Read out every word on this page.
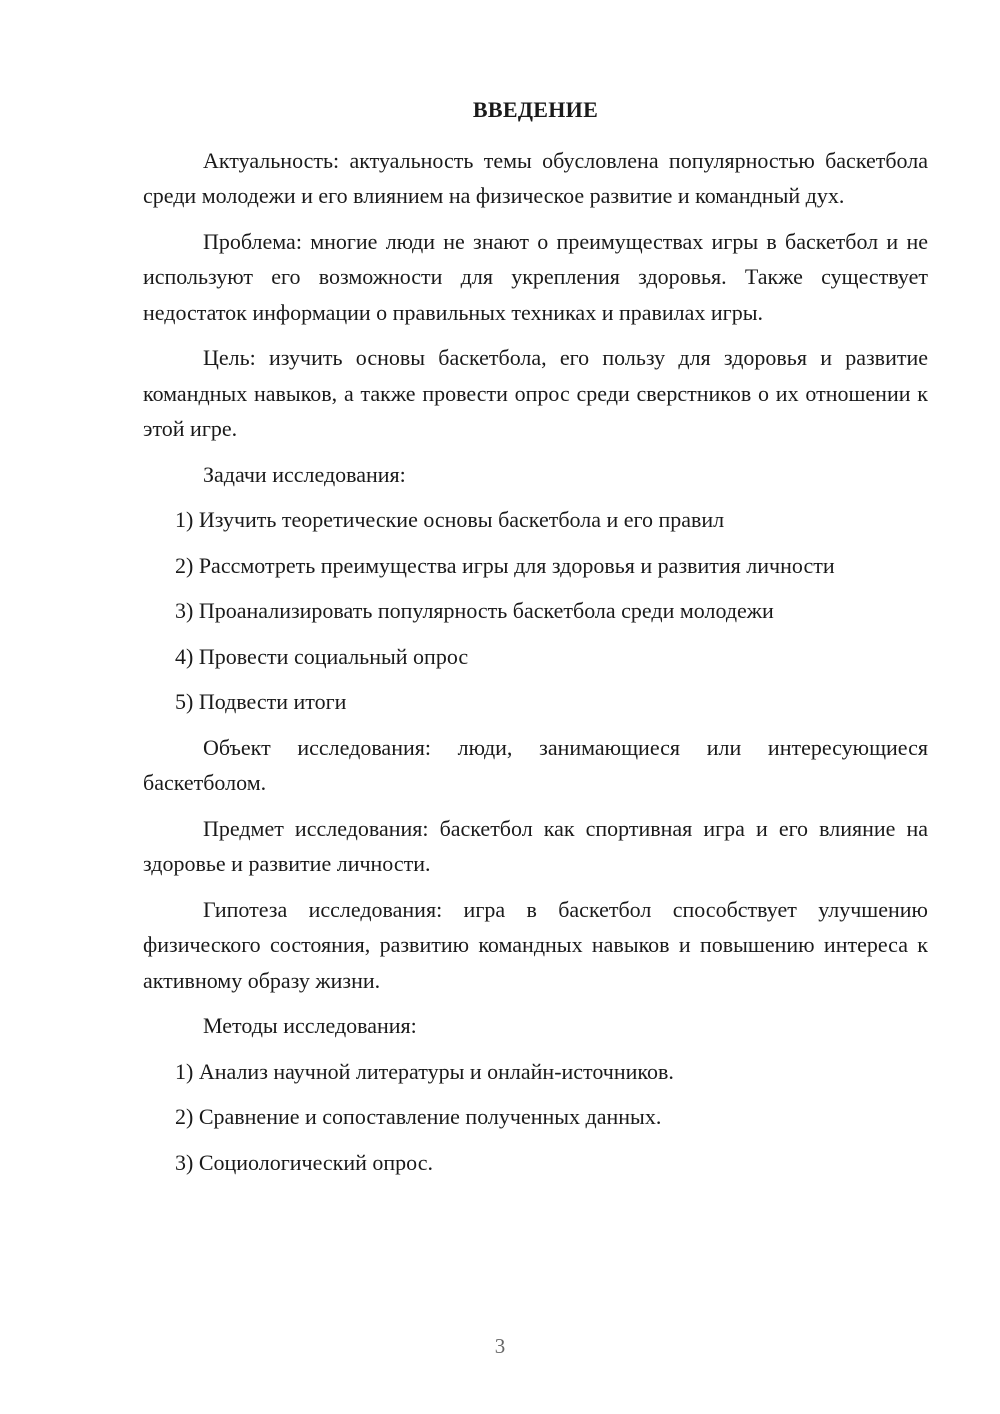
ВВЕДЕНИЕ

Актуальность: актуальность темы обусловлена популярностью баскетбола среди молодежи и его влиянием на физическое развитие и командный дух.

Проблема: многие люди не знают о преимуществах игры в баскетбол и не используют его возможности для укрепления здоровья. Также существует недостаток информации о правильных техниках и правилах игры.

Цель: изучить основы баскетбола, его пользу для здоровья и развитие командных навыков, а также провести опрос среди сверстников о их отношении к этой игре.

Задачи исследования:

1) Изучить теоретические основы баскетбола и его правил
2) Рассмотреть преимущества игры для здоровья и развития личности
3) Проанализировать популярность баскетбола среди молодежи
4) Провести социальный опрос
5) Подвести итоги

Объект исследования: люди, занимающиеся или интересующиеся баскетболом.

Предмет исследования: баскетбол как спортивная игра и его влияние на здоровье и развитие личности.

Гипотеза исследования: игра в баскетбол способствует улучшению физического состояния, развитию командных навыков и повышению интереса к активному образу жизни.

Методы исследования:

1) Анализ научной литературы и онлайн-источников.
2) Сравнение и сопоставление полученных данных.
3) Социологический опрос.
3
